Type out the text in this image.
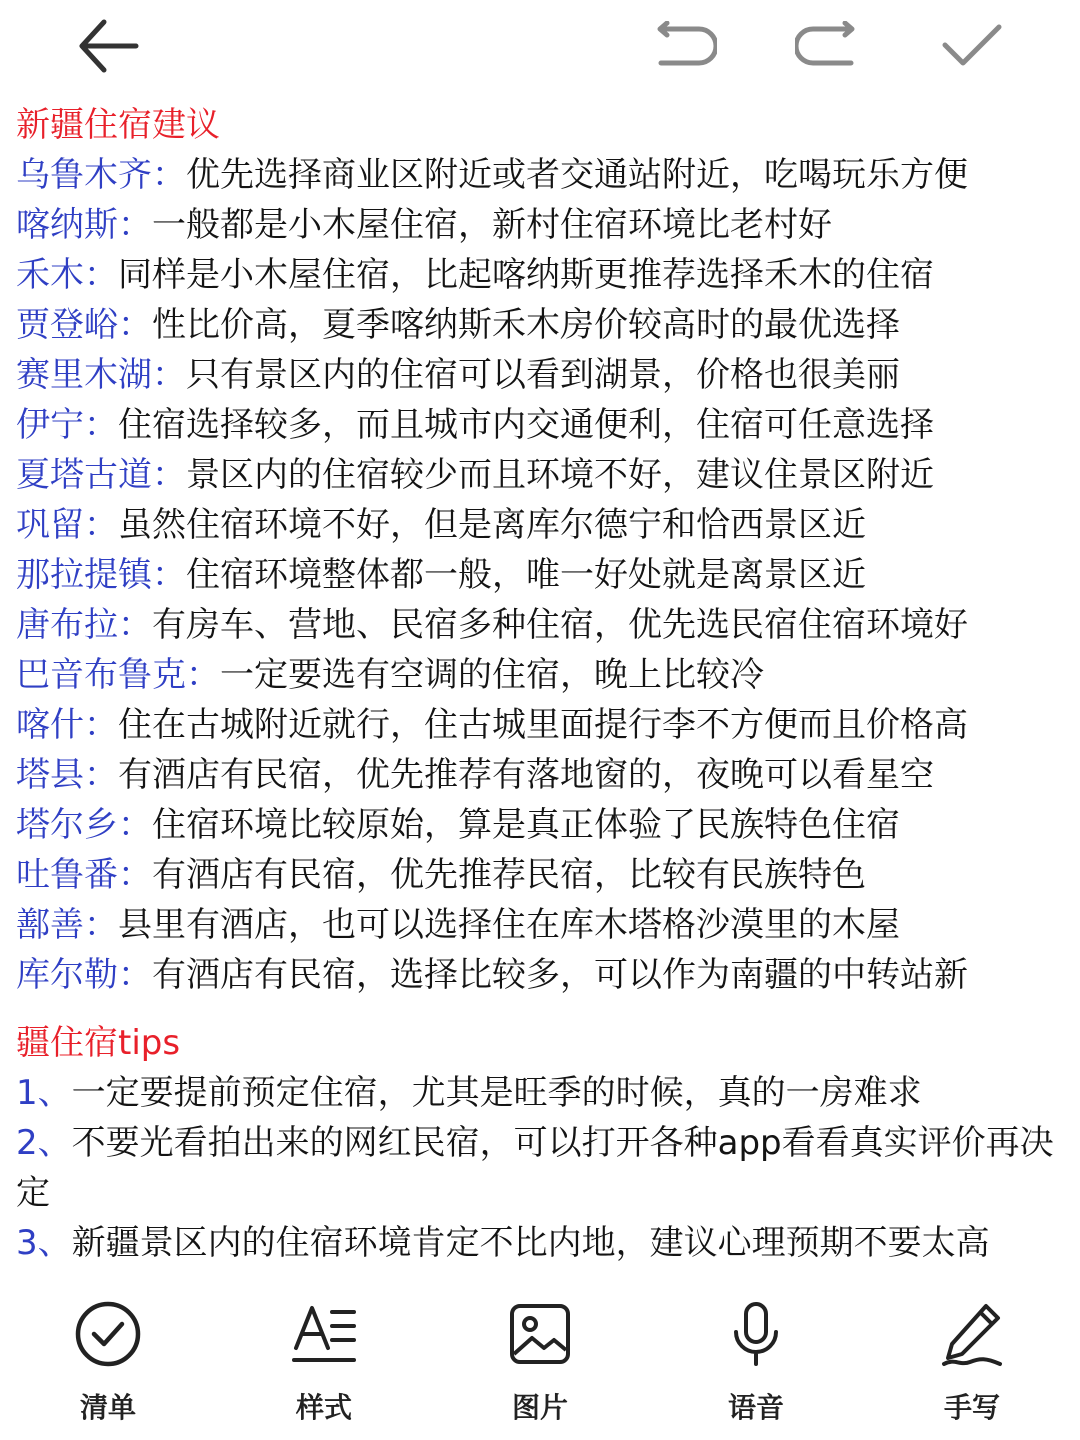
新疆住宿建议
乌鲁木齐：优先选择商业区附近或者交通站附近，吃喝玩乐方便
喀纳斯：一般都是小木屋住宿，新村住宿环境比老村好
禾木：同样是小木屋住宿，比起喀纳斯更推荐选择禾木的住宿
贾登峪：性比价高，夏季喀纳斯禾木房价较高时的最优选择
赛里木湖：只有景区内的住宿可以看到湖景，价格也很美丽
伊宁：住宿选择较多，而且城市内交通便利，住宿可任意选择
夏塔古道：景区内的住宿较少而且环境不好，建议住景区附近
巩留：虽然住宿环境不好，但是离库尔德宁和恰西景区近
那拉提镇：住宿环境整体都一般，唯一好处就是离景区近
唐布拉：有房车、营地、民宿多种住宿，优先选民宿住宿环境好
巴音布鲁克：一定要选有空调的住宿，晚上比较冷
喀什：住在古城附近就行，住古城里面提行李不方便而且价格高
塔县：有酒店有民宿，优先推荐有落地窗的，夜晚可以看星空
塔尔乡：住宿环境比较原始，算是真正体验了民族特色住宿
吐鲁番：有酒店有民宿，优先推荐民宿，比较有民族特色
鄯善：县里有酒店，也可以选择住在库木塔格沙漠里的木屋
库尔勒：有酒店有民宿，选择比较多，可以作为南疆的中转站新
疆住宿tips
1、一定要提前预定住宿，尤其是旺季的时候，真的一房难求
2、不要光看拍出来的网红民宿，可以打开各种app看看真实评价再决定
3、新疆景区内的住宿环境肯定不比内地，建议心理预期不要太高
清单	样式	图片	语音	手写
